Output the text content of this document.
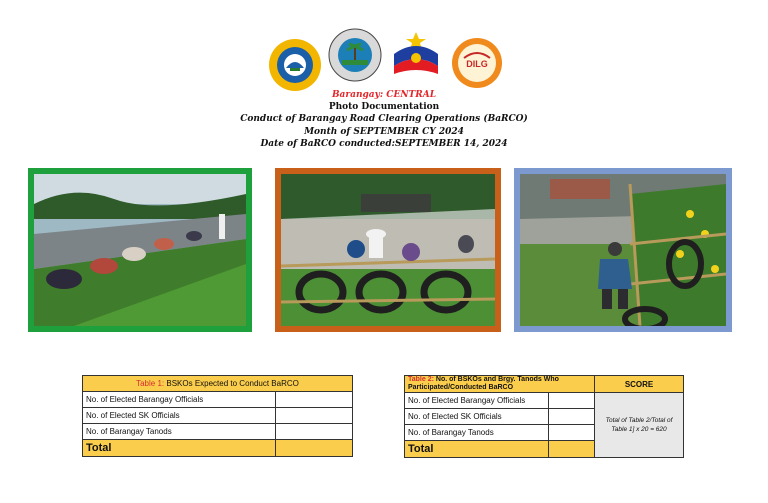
DILG
Barangay: CENTRAL
Photo Documentation
Conduct of Barangay Road Clearing Operations (BaRCO)
Month of SEPTEMBER CY 2024
Date of BaRCO conducted:SEPTEMBER 14, 2024
Table 1: BSKOs Expected to Conduct BaRCO	
No. of Elected Barangay Officials	
No. of Elected SK Officials	
No. of Barangay Tanods	
Total	
Table 2: No. of BSKOs and Brgy. Tanods Who Participated/Conducted BaRCO		SCORE
No. of Elected Barangay Officials		Total of Table 2/Total of Table 1] x 20 = 620
No. of Elected SK Officials		
No. of Barangay Tanods		
Total		
